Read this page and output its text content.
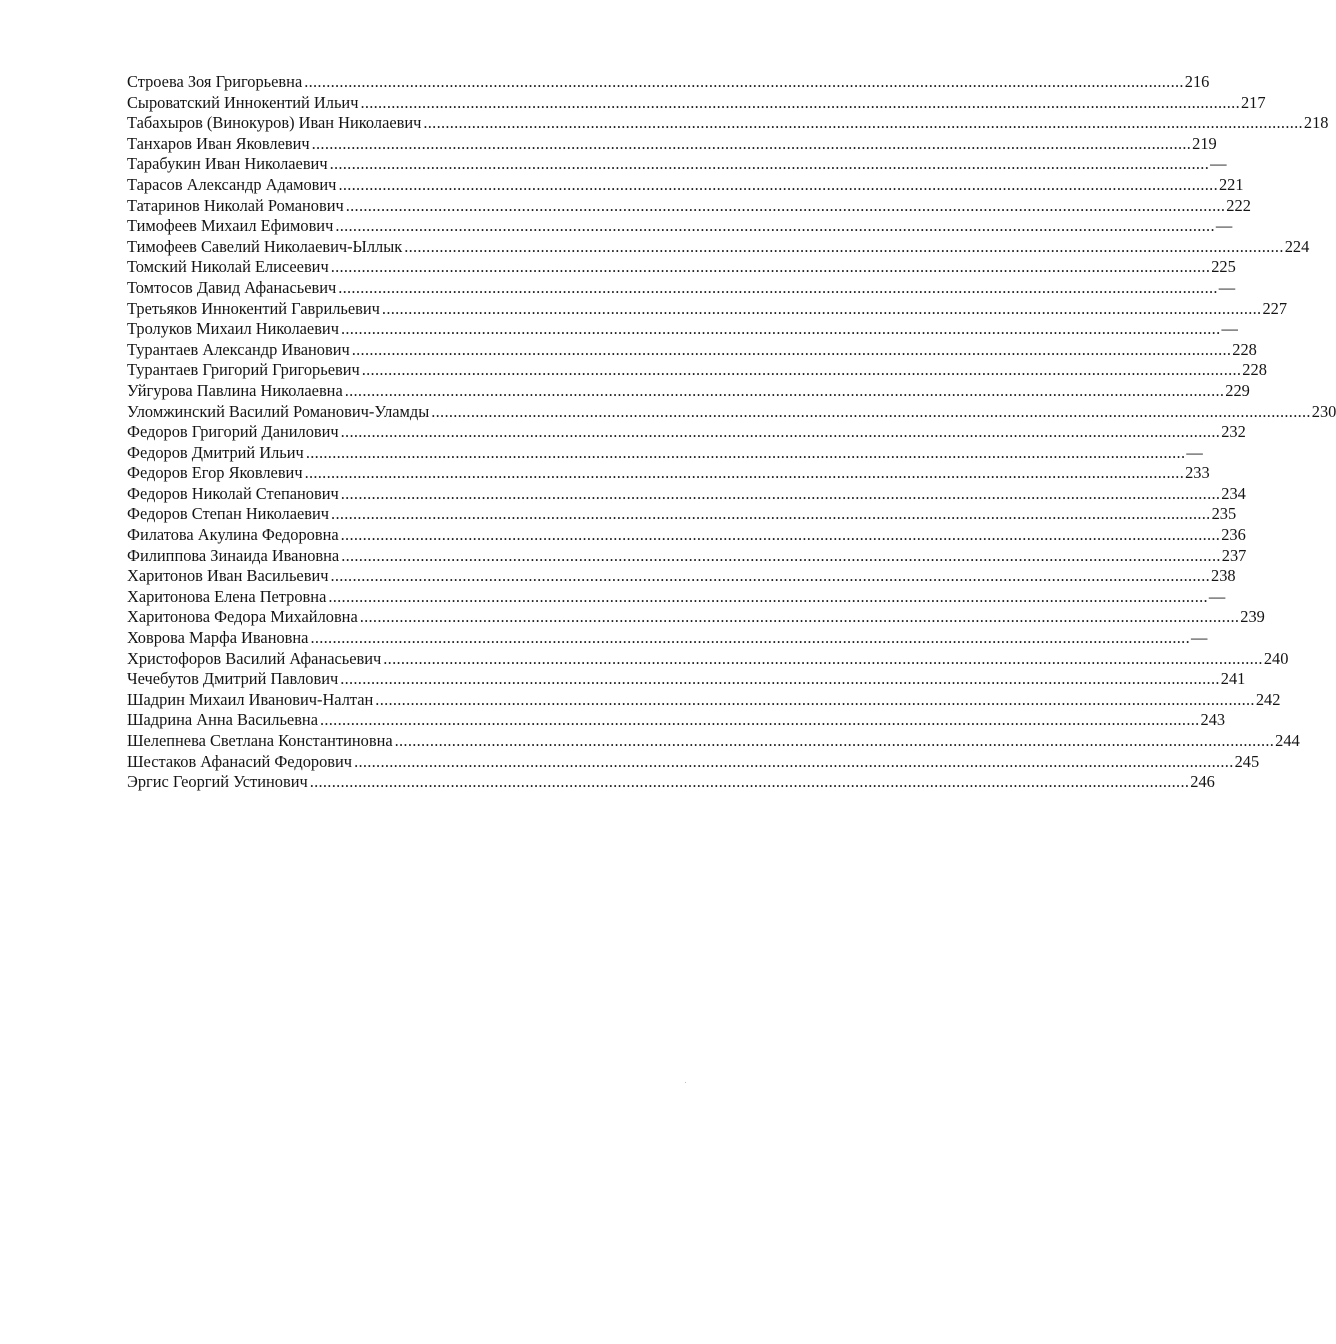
Строева Зоя Григорьевна ........................................................................................................................................................................................................ 216
Сыроватский Иннокентий Ильич ........................................................................................................................................................................................................ 217
Табахыров (Винокуров) Иван Николаевич ........................................................................................................................................................................................................ 218
Танхаров Иван Яковлевич ........................................................................................................................................................................................................ 219
Тарабукин Иван Николаевич ........................................................................................................................................................................................................ —
Тарасов Александр Адамович ........................................................................................................................................................................................................ 221
Татаринов Николай Романович ........................................................................................................................................................................................................ 222
Тимофеев Михаил Ефимович ........................................................................................................................................................................................................ —
Тимофеев Савелий Николаевич-Ыллык ........................................................................................................................................................................................................ 224
Томский Николай Елисеевич ........................................................................................................................................................................................................ 225
Томтосов Давид Афанасьевич ........................................................................................................................................................................................................ —
Третьяков Иннокентий Гаврильевич ........................................................................................................................................................................................................ 227
Тролуков Михаил Николаевич ........................................................................................................................................................................................................ —
Турантаев Александр Иванович ........................................................................................................................................................................................................ 228
Турантаев Григорий Григорьевич ........................................................................................................................................................................................................ 228
Уйгурова Павлина Николаевна ........................................................................................................................................................................................................ 229
Уломжинский Василий Романович-Уламды ........................................................................................................................................................................................................ 230
Федоров Григорий Данилович ........................................................................................................................................................................................................ 232
Федоров Дмитрий Ильич ........................................................................................................................................................................................................ —
Федоров Егор Яковлевич ........................................................................................................................................................................................................ 233
Федоров Николай Степанович ........................................................................................................................................................................................................ 234
Федоров Степан Николаевич ........................................................................................................................................................................................................ 235
Филатова Акулина Федоровна ........................................................................................................................................................................................................ 236
Филиппова Зинаида Ивановна ........................................................................................................................................................................................................ 237
Харитонов Иван Васильевич ........................................................................................................................................................................................................ 238
Харитонова Елена Петровна ........................................................................................................................................................................................................ —
Харитонова Федора Михайловна ........................................................................................................................................................................................................ 239
Ховрова Марфа Ивановна ........................................................................................................................................................................................................ —
Христофоров Василий Афанасьевич ........................................................................................................................................................................................................ 240
Чечебутов Дмитрий Павлович ........................................................................................................................................................................................................ 241
Шадрин Михаил Иванович-Налтан ........................................................................................................................................................................................................ 242
Шадрина Анна Васильевна ........................................................................................................................................................................................................ 243
Шелепнева Светлана Константиновна ........................................................................................................................................................................................................ 244
Шестаков Афанасий Федорович ........................................................................................................................................................................................................ 245
Эргис Георгий Устинович ........................................................................................................................................................................................................ 246
